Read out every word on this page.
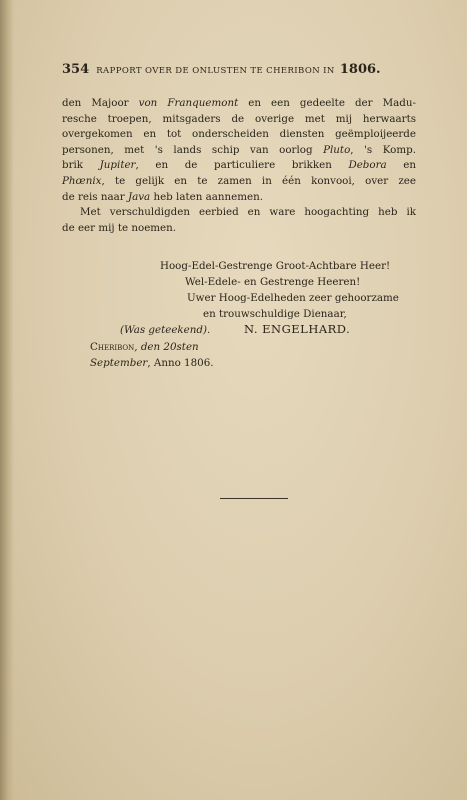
354 RAPPORT OVER DE ONLUSTEN TE CHERIBON IN 1806.
den Majoor von Franquemont en een gedeelte der Madu-
resche troepen, mitsgaders de overige met mij herwaarts
overgekomen en tot onderscheiden diensten geëmploijeerde
personen, met 's lands schip van oorlog Pluto, 's Komp.
brik Jupiter, en de particuliere brikken Debora en
Phœnix, te gelijk en te zamen in één konvooi, over zee
de reis naar Java heb laten aannemen.
Met verschuldigden eerbied en ware hoogachting heb ik
de eer mij te noemen.
Hoog-Edel-Gestrenge Groot-Achtbare Heer!
Wel-Edele- en Gestrenge Heeren!
Uwer Hoog-Edelheden zeer gehoorzame
en trouwschuldige Dienaar,
(Was geteekend).	N. ENGELHARD.
Cheribon, den 20sten
September, Anno 1806.
